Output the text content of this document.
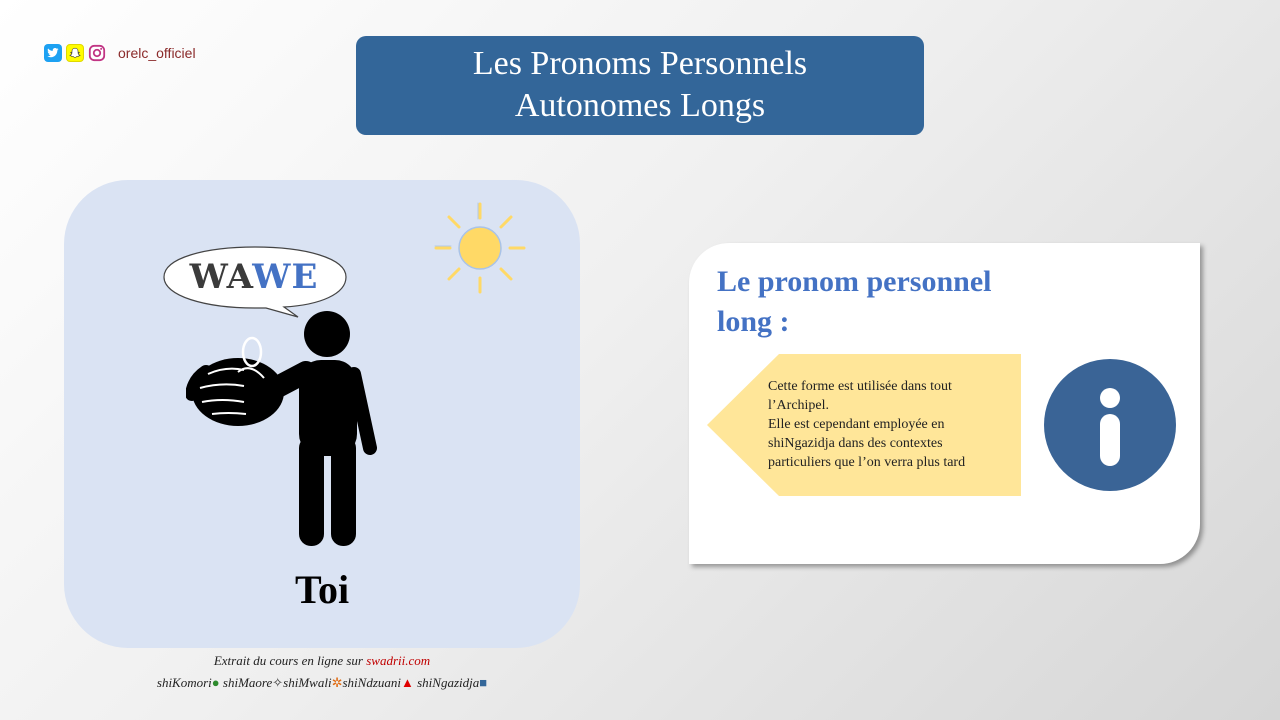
orelc_officiel	Les Pronoms Personnels
Autonomes Longs
WAWE
Toi
Le pronom personnel
long :
Cette forme est utilisée dans tout
l’Archipel.
Elle est cependant employée en
shiNgazidja dans des contextes
particuliers que l’on verra plus tard
Extrait du cours en ligne sur swadrii.com
shiKomori● shiMaore✧shiMwali✲shiNdzuani▲ shiNgazidja■
